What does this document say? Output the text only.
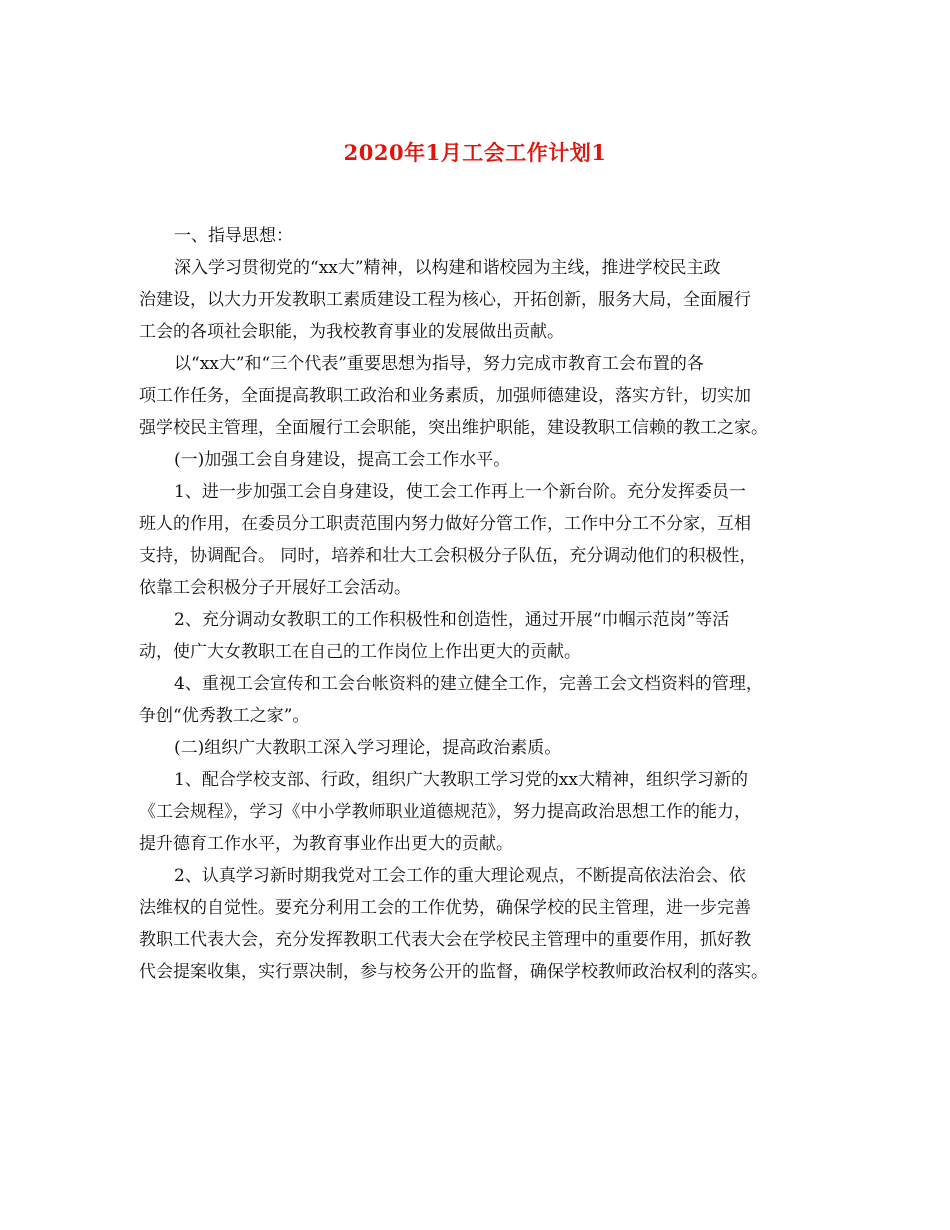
2020年1月工会工作计划1
一、指导思想：
深入学习贯彻党的“xx大”精神，以构建和谐校园为主线，推进学校民主政
治建设，以大力开发教职工素质建设工程为核心，开拓创新，服务大局，全面履行
工会的各项社会职能，为我校教育事业的发展做出贡献。
以“xx大”和“三个代表”重要思想为指导，努力完成市教育工会布置的各
项工作任务，全面提高教职工政治和业务素质，加强师德建设，落实方针，切实加
强学校民主管理，全面履行工会职能，突出维护职能，建设教职工信赖的教工之家。
(一)加强工会自身建设，提高工会工作水平。
1、进一步加强工会自身建设，使工会工作再上一个新台阶。充分发挥委员一
班人的作用，在委员分工职责范围内努力做好分管工作，工作中分工不分家，互相
支持，协调配合。 同时，培养和壮大工会积极分子队伍，充分调动他们的积极性，
依靠工会积极分子开展好工会活动。
2、充分调动女教职工的工作积极性和创造性，通过开展“巾帼示范岗”等活
动，使广大女教职工在自己的工作岗位上作出更大的贡献。
4、重视工会宣传和工会台帐资料的建立健全工作，完善工会文档资料的管理，
争创“优秀教工之家”。
(二)组织广大教职工深入学习理论，提高政治素质。
1、配合学校支部、行政，组织广大教职工学习党的xx大精神，组织学习新的
《工会规程》，学习《中小学教师职业道德规范》，努力提高政治思想工作的能力，
提升德育工作水平，为教育事业作出更大的贡献。
2、认真学习新时期我党对工会工作的重大理论观点，不断提高依法治会、依
法维权的自觉性。要充分利用工会的工作优势，确保学校的民主管理，进一步完善
教职工代表大会，充分发挥教职工代表大会在学校民主管理中的重要作用，抓好教
代会提案收集，实行票决制，参与校务公开的监督，确保学校教师政治权利的落实。
